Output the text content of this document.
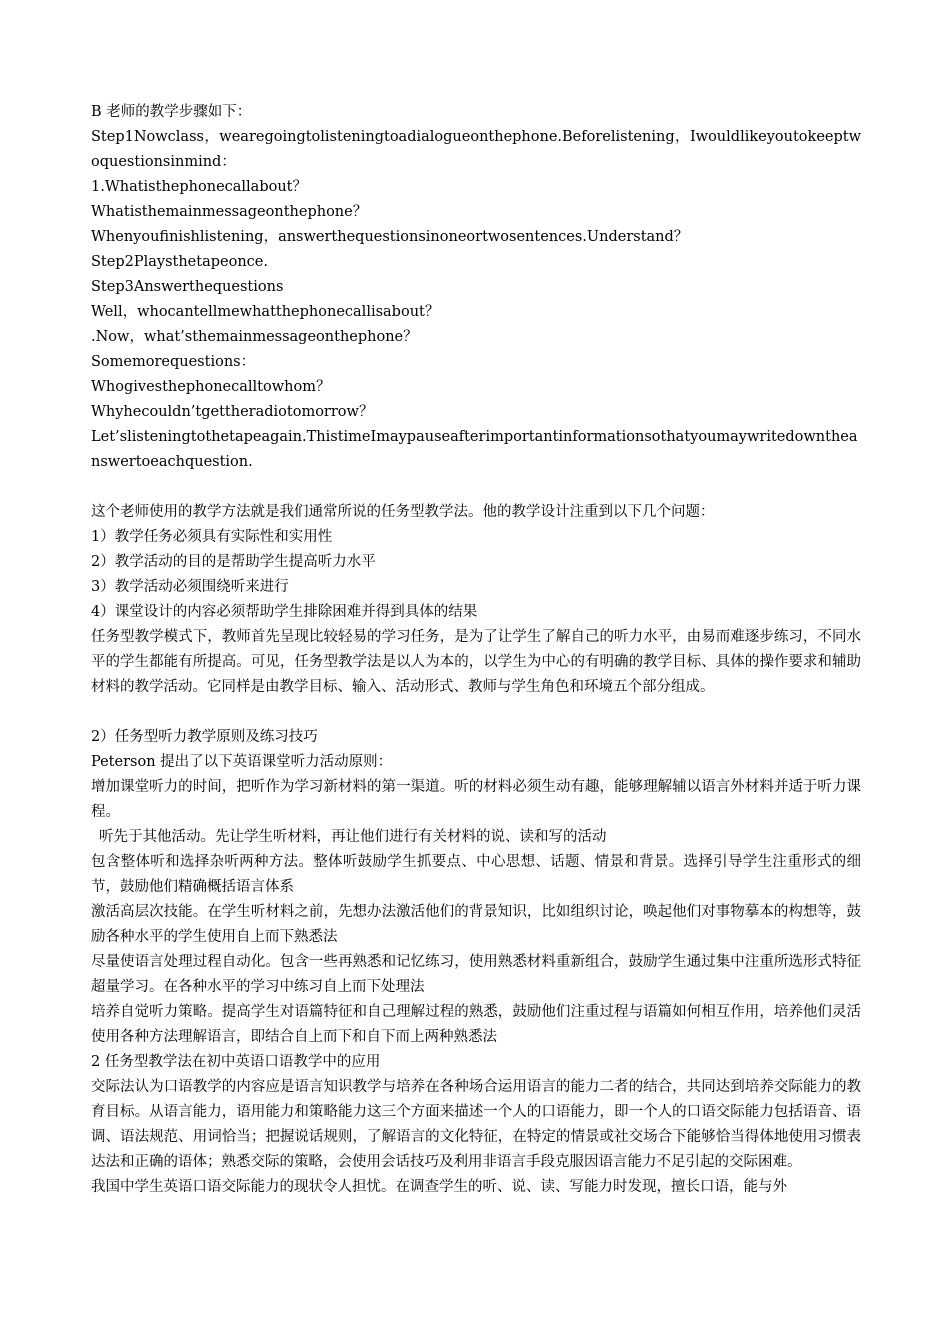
B 老师的教学步骤如下：

Step1Nowclass，wearegoingtolisteningtoadialogueonthephone.Beforelistening，Iwouldlikeyoutokeeptwoquestionsinmind：

1.Whatisthephonecallabout？

Whatisthemainmessageonthephone？

Whenyoufinishlistening，answerthequestionsinoneortwosentences.Understand？

Step2Playsthetapeonce.

Step3Answerthequestions

Well，whocantellmewhatthephonecallisabout？

.Now，what’sthemainmessageonthephone？

Somemorequestions：

Whogivesthephonecalltowhom？

Whyhecouldn’tgettheradiotomorrow？

Let’slisteningtothetapeagain.ThistimeImaypauseafterimportantinformationsothatyoumaywritedowntheanswertoeachquestion.

这个老师使用的教学方法就是我们通常所说的任务型教学法。他的教学设计注重到以下几个问题：

1）教学任务必须具有实际性和实用性

2）教学活动的目的是帮助学生提高听力水平

3）教学活动必须围绕听来进行

4）课堂设计的内容必须帮助学生排除困难并得到具体的结果

任务型教学模式下，教师首先呈现比较轻易的学习任务，是为了让学生了解自己的听力水平，由易而难逐步练习，不同水平的学生都能有所提高。可见，任务型教学法是以人为本的，以学生为中心的有明确的教学目标、具体的操作要求和辅助材料的教学活动。它同样是由教学目标、输入、活动形式、教师与学生角色和环境五个部分组成。

2）任务型听力教学原则及练习技巧

Peterson 提出了以下英语课堂听力活动原则：

增加课堂听力的时间，把听作为学习新材料的第一渠道。听的材料必须生动有趣，能够理解辅以语言外材料并适于听力课程。

听先于其他活动。先让学生听材料，再让他们进行有关材料的说、读和写的活动

包含整体听和选择杂听两种方法。整体听鼓励学生抓要点、中心思想、话题、情景和背景。选择引导学生注重形式的细节，鼓励他们精确概括语言体系

激活高层次技能。在学生听材料之前，先想办法激活他们的背景知识，比如组织讨论，唤起他们对事物摹本的构想等，鼓励各种水平的学生使用自上而下熟悉法

尽量使语言处理过程自动化。包含一些再熟悉和记忆练习，使用熟悉材料重新组合，鼓励学生通过集中注重所选形式特征超量学习。在各种水平的学习中练习自上而下处理法

培养自觉听力策略。提高学生对语篇特征和自己理解过程的熟悉，鼓励他们注重过程与语篇如何相互作用，培养他们灵活使用各种方法理解语言，即结合自上而下和自下而上两种熟悉法

2 任务型教学法在初中英语口语教学中的应用

交际法认为口语教学的内容应是语言知识教学与培养在各种场合运用语言的能力二者的结合，共同达到培养交际能力的教育目标。从语言能力，语用能力和策略能力这三个方面来描述一个人的口语能力，即一个人的口语交际能力包括语音、语调、语法规范、用词恰当；把握说话规则，了解语言的文化特征，在特定的情景或社交场合下能够恰当得体地使用习惯表达法和正确的语体；熟悉交际的策略，会使用会话技巧及利用非语言手段克服因语言能力不足引起的交际困难。

我国中学生英语口语交际能力的现状令人担忧。在调查学生的听、说、读、写能力时发现，擅长口语，能与外
